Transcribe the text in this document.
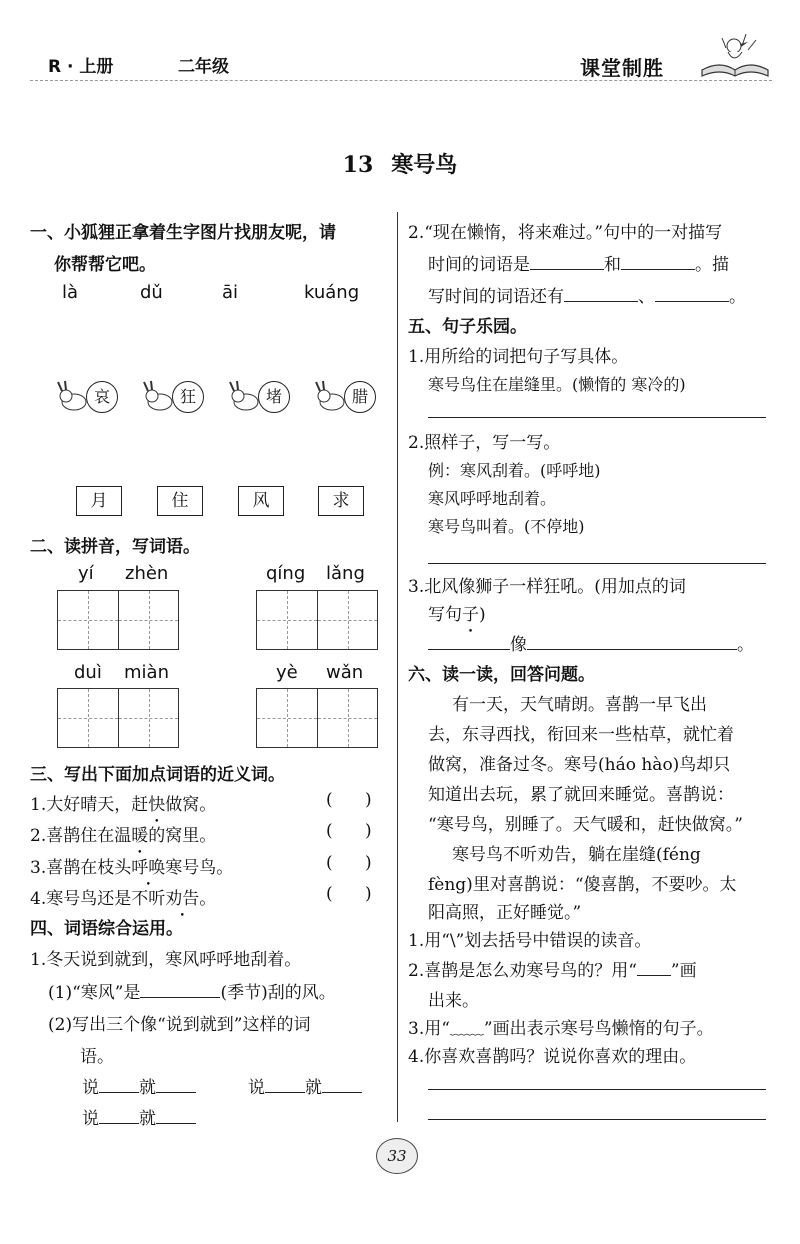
R · 上册	二年级	课堂制胜
13 寒号鸟
一、小狐狸正拿着生字图片找朋友呢，请
你帮帮它吧。
là	dǔ	āi	kuáng
哀	狂	堵	腊
月	住	风	求
二、读拼音，写词语。
yí zhèn	qíng lǎng
duì miàn	yè wǎn
三、写出下面加点词语的近义词。
1.大好晴天，赶快做窝。	(      )
2.喜鹊住在温暖的窝里。	(      )
3.喜鹊在枝头呼唤寒号鸟。	(      )
4.寒号鸟还是不听劝告。	(      )
四、词语综合运用。
1.冬天说到就到，寒风呼呼地刮着。
(1)“寒风”是	(季节)刮的风。
(2)写出三个像“说到就到”这样的词
语。
说 就	说 就
说 就
2.“现在懒惰，将来难过。”句中的一对描写
时间的词语是	和	。描
写时间的词语还有	、	。
五、句子乐园。
1.用所给的词把句子写具体。
寒号鸟住在崖缝里。(懒惰的 寒冷的)
2.照样子，写一写。
例：寒风刮着。(呼呼地)
寒风呼呼地刮着。
寒号鸟叫着。(不停地)
3.北风像狮子一样狂吼。(用加点的词
写句子)
像	。
六、读一读，回答问题。
有一天，天气晴朗。喜鹊一早飞出
去，东寻西找，衔回来一些枯草，就忙着
做窝，准备过冬。寒号(háo hào)鸟却只
知道出去玩，累了就回来睡觉。喜鹊说：
“寒号鸟，别睡了。天气暖和，赶快做窝。”
寒号鸟不听劝告，躺在崖缝(féng
fèng)里对喜鹊说：“傻喜鹊，不要吵。太
阳高照，正好睡觉。”
1.用“\”划去括号中错误的读音。
2.喜鹊是怎么劝寒号鸟的？用“ ”画
出来。
3.用“﹏﹏”画出表示寒号鸟懒惰的句子。
4.你喜欢喜鹊吗？说说你喜欢的理由。
33
